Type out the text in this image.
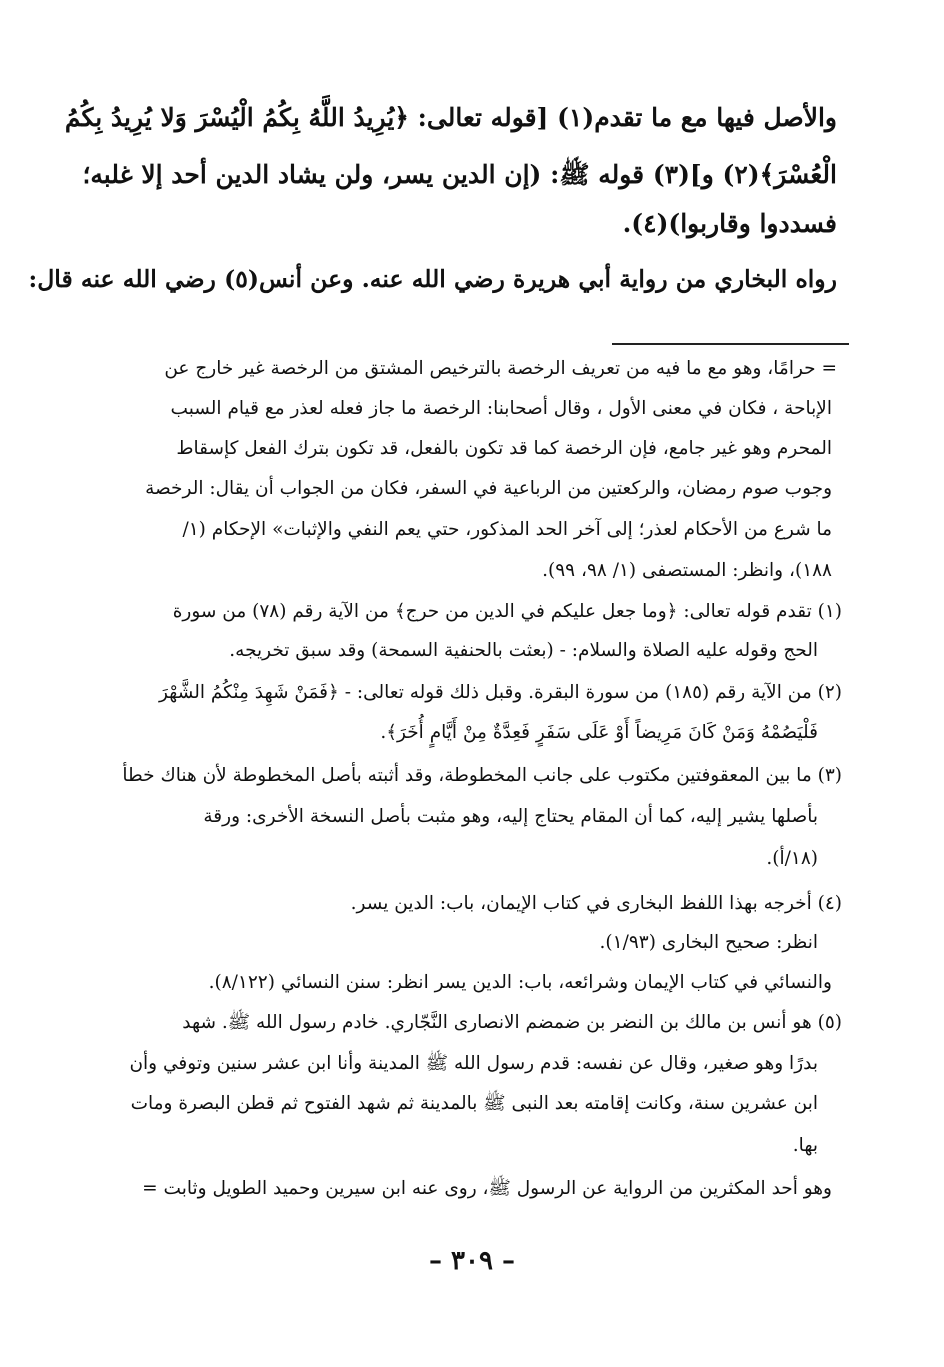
والأصل فيها مع ما تقدم(١) [قوله تعالى: ﴿يُرِيدُ اللَّهُ بِكُمُ الْيُسْرَ وَلا يُرِيدُ بِكُمُ
الْعُسْرَ﴾(٢) و](٣) قوله ﷺ: (إن الدين يسر، ولن يشاد الدين أحد إلا غلبه؛
فسددوا وقاربوا)(٤).
رواه البخاري من رواية أبي هريرة رضي الله عنه. وعن أنس(٥) رضي الله عنه قال:
= حرامًا، وهو مع ما فيه من تعريف الرخصة بالترخيص المشتق من الرخصة غير خارج عن
الإباحة ، فكان في معنى الأول ، وقال أصحابنا: الرخصة ما جاز فعله لعذر مع قيام السبب
المحرم وهو غير جامع، فإن الرخصة كما قد تكون بالفعل، قد تكون بترك الفعل كإسقاط
وجوب صوم رمضان، والركعتين من الرباعية في السفر، فكان من الجواب أن يقال: الرخصة
ما شرع من الأحكام لعذر؛ إلى آخر الحد المذكور، حتي يعم النفي والإثبات» الإحكام (١/
١٨٨)، وانظر: المستصفى (١/ ٩٨، ٩٩).
(١) تقدم قوله تعالى: ﴿وما جعل عليكم في الدين من حرج﴾ من الآية رقم (٧٨) من سورة
الحج وقوله عليه الصلاة والسلام: - (بعثت بالحنفية السمحة) وقد سبق تخريجه.
(٢) من الآية رقم (١٨٥) من سورة البقرة. وقبل ذلك قوله تعالى: - ﴿فَمَنْ شَهِدَ مِنْكُمُ الشَّهْرَ
فَلْيَصُمْهُ وَمَنْ كَانَ مَرِيضاً أَوْ عَلَى سَفَرٍ فَعِدَّةٌ مِنْ أَيَّامٍ أُخَرَ﴾.
(٣) ما بين المعقوفتين مكتوب على جانب المخطوطة، وقد أثبته بأصل المخطوطة لأن هناك خطأ
بأصلها يشير إليه، كما أن المقام يحتاج إليه، وهو مثبت بأصل النسخة الأخرى: ورقة
(١٨/أ).
(٤) أخرجه بهذا اللفظ البخارى في كتاب الإيمان، باب: الدين يسر.
انظر: صحيح البخارى (١/٩٣).
والنسائي في كتاب الإيمان وشرائعه، باب: الدين يسر انظر: سنن النسائي (٨/١٢٢).
(٥) هو أنس بن مالك بن النضر بن ضمضم الانصارى النَّجّاري. خادم رسول الله ﷺ. شهد
بدرًا وهو صغير، وقال عن نفسه: قدم رسول الله ﷺ المدينة وأنا ابن عشر سنين وتوفي وأن
ابن عشرين سنة، وكانت إقامته بعد النبى ﷺ بالمدينة ثم شهد الفتوح ثم قطن البصرة ومات
بها.
وهو أحد المكثرين من الرواية عن الرسول ﷺ، روى عنه ابن سيرين وحميد الطويل وثابت =
– ٣٠٩ –
